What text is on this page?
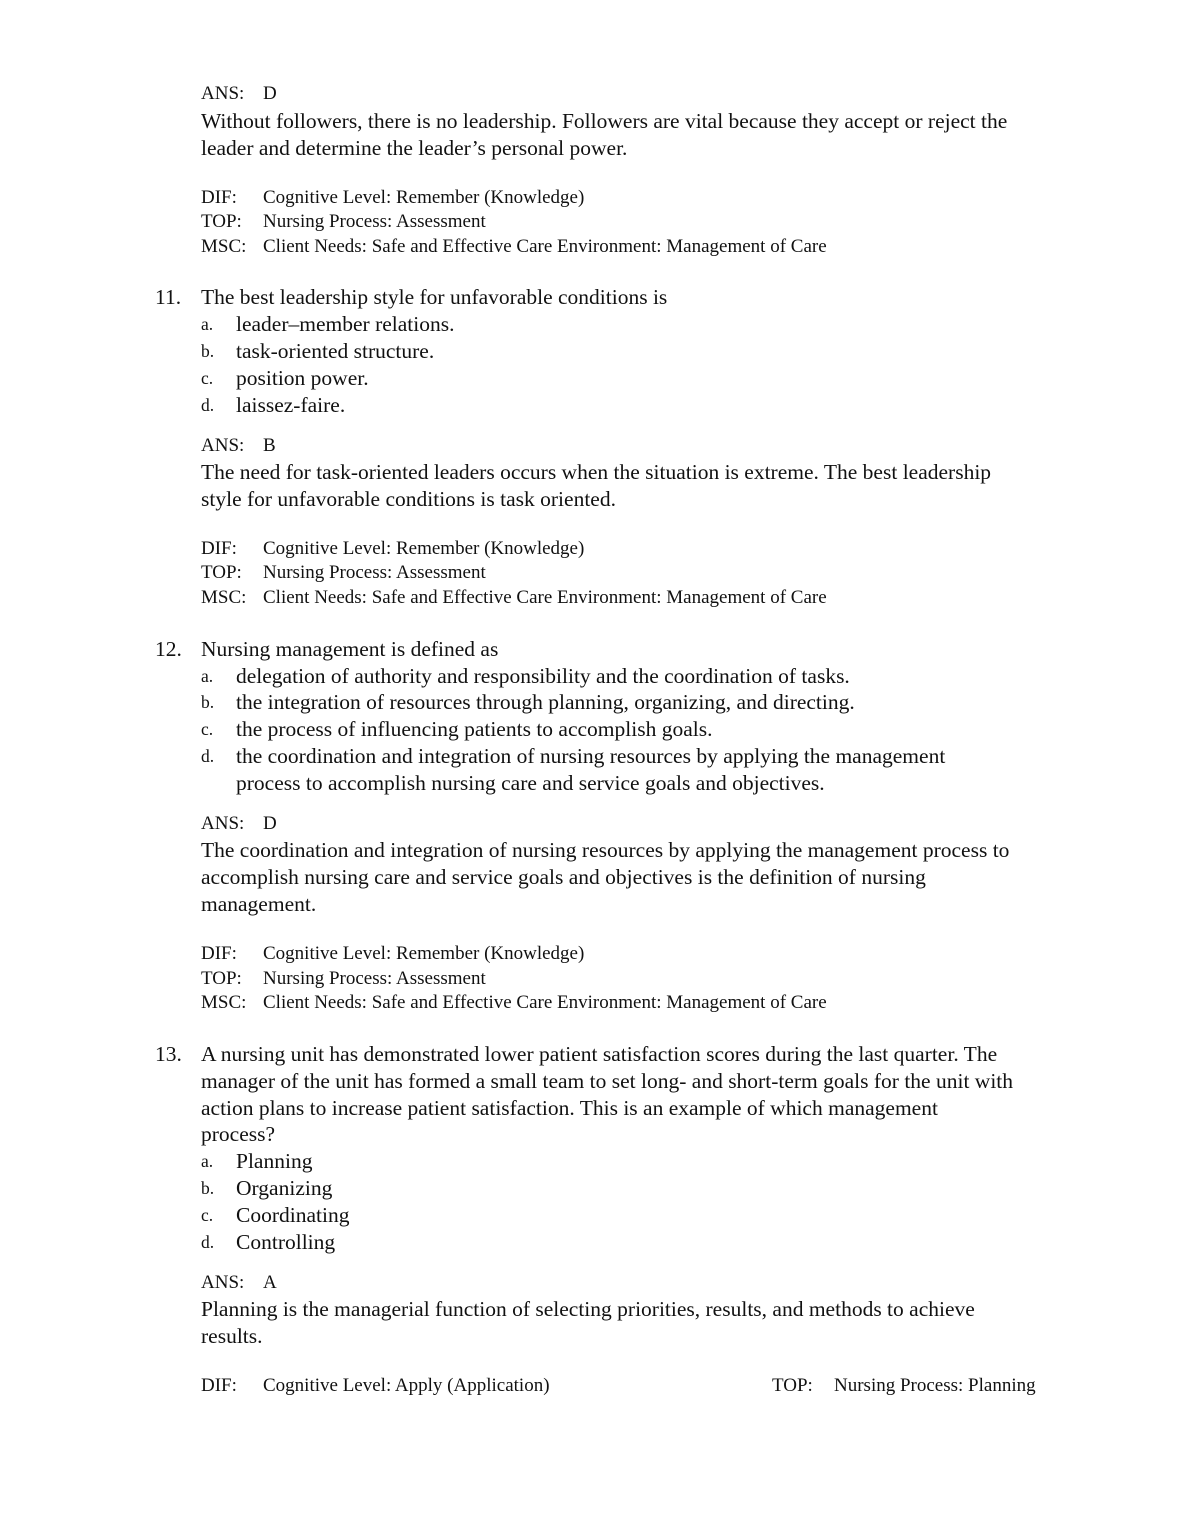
ANS: D
Without followers, there is no leadership. Followers are vital because they accept or reject the
leader and determine the leader’s personal power.
DIF: Cognitive Level: Remember (Knowledge)
TOP: Nursing Process: Assessment
MSC: Client Needs: Safe and Effective Care Environment: Management of Care
11. The best leadership style for unfavorable conditions is
a. leader–member relations.
b. task-oriented structure.
c. position power.
d. laissez-faire.
ANS: B
The need for task-oriented leaders occurs when the situation is extreme. The best leadership
style for unfavorable conditions is task oriented.
DIF: Cognitive Level: Remember (Knowledge)
TOP: Nursing Process: Assessment
MSC: Client Needs: Safe and Effective Care Environment: Management of Care
12. Nursing management is defined as
a. delegation of authority and responsibility and the coordination of tasks.
b. the integration of resources through planning, organizing, and directing.
c. the process of influencing patients to accomplish goals.
d. the coordination and integration of nursing resources by applying the management
process to accomplish nursing care and service goals and objectives.
ANS: D
The coordination and integration of nursing resources by applying the management process to
accomplish nursing care and service goals and objectives is the definition of nursing
management.
DIF: Cognitive Level: Remember (Knowledge)
TOP: Nursing Process: Assessment
MSC: Client Needs: Safe and Effective Care Environment: Management of Care
13. A nursing unit has demonstrated lower patient satisfaction scores during the last quarter. The
manager of the unit has formed a small team to set long- and short-term goals for the unit with
action plans to increase patient satisfaction. This is an example of which management
process?
a. Planning
b. Organizing
c. Coordinating
d. Controlling
ANS: A
Planning is the managerial function of selecting priorities, results, and methods to achieve
results.
DIF: Cognitive Level: Apply (Application)	TOP: Nursing Process: Planning
